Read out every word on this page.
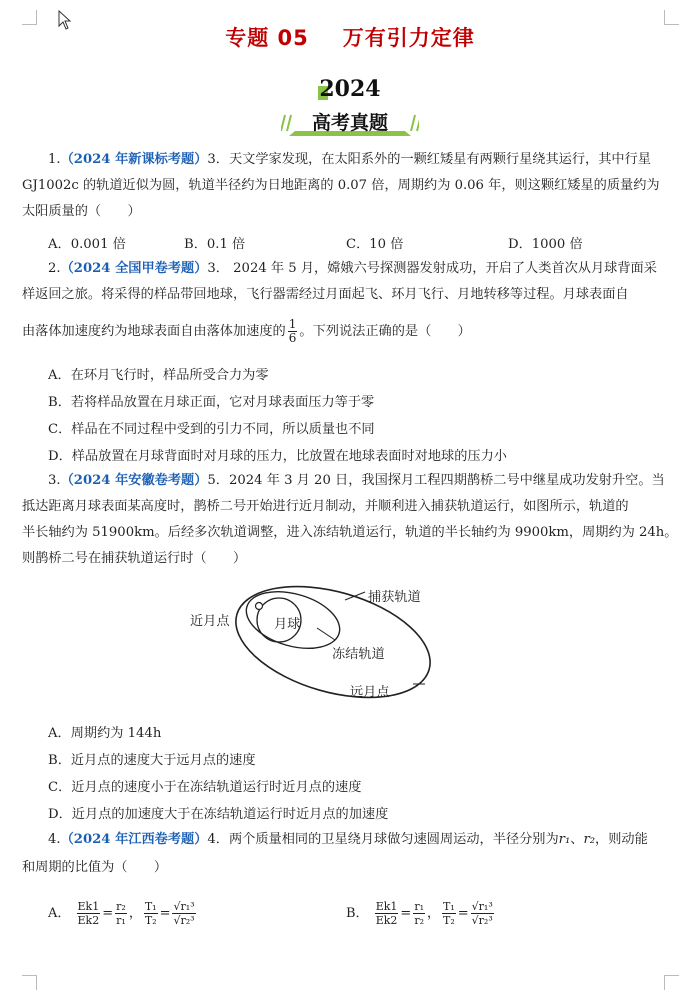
专题 05 万有引力定律
2024
高考真题
1.（2024 年新课标考题）3．天文学家发现，在太阳系外的一颗红矮星有两颗行星绕其运行，其中行星
GJ1002c 的轨道近似为圆，轨道半径约为日地距离的 0.07 倍，周期约为 0.06 年，则这颗红矮星的质量约为
太阳质量的（　　）
A．0.001 倍	B．0.1 倍	C．10 倍	D．1000 倍
2.（2024 全国甲卷考题）3． 2024 年 5 月，嫦娥六号探测器发射成功，开启了人类首次从月球背面采
样返回之旅。将采得的样品带回地球，飞行器需经过月面起飞、环月飞行、月地转移等过程。月球表面自
由落体加速度约为地球表面自由落体加速度的 $\frac{1}{6}$ 。下列说法正确的是（　　）
A．在环月飞行时，样品所受合力为零
B．若将样品放置在月球正面，它对月球表面压力等于零
C．样品在不同过程中受到的引力不同，所以质量也不同
D．样品放置在月球背面时对月球的压力，比放置在地球表面时对地球的压力小
3.（2024 年安徽卷考题）5．2024 年 3 月 20 日，我国探月工程四期鹊桥二号中继星成功发射升空。当
抵达距离月球表面某高度时，鹊桥二号开始进行近月制动，并顺利进入捕获轨道运行，如图所示，轨道的
半长轴约为 51900km。后经多次轨道调整，进入冻结轨道运行，轨道的半长轴约为 9900km，周期约为 24h。
则鹊桥二号在捕获轨道运行时（　　）
近月点	月球
捕获轨道
冻结轨道
远月点
A．周期约为 144h
B．近月点的速度大于远月点的速度
C．近月点的速度小于在冻结轨道运行时近月点的速度
D．近月点的加速度大于在冻结轨道运行时近月点的加速度
4.（2024 年江西卷考题）4．两个质量相同的卫星绕月球做匀速圆周运动，半径分别为r₁、r₂，则动能
和周期的比值为（　　）
A． $\frac{Ek1}{Ek2} = \frac{\text{r₂}}{\text{r₁}}$ ， $\frac{\text{T₁}}{\text{T₂}} = \frac{\text{√r₁³}}{\text{√r₂³}}$	B． $\frac{Ek1}{Ek2} = \frac{\text{r₁}}{\text{r₂}}$ ， $\frac{\text{T₁}}{\text{T₂}} = \frac{\text{√r₁³}}{\text{√r₂³}}$
